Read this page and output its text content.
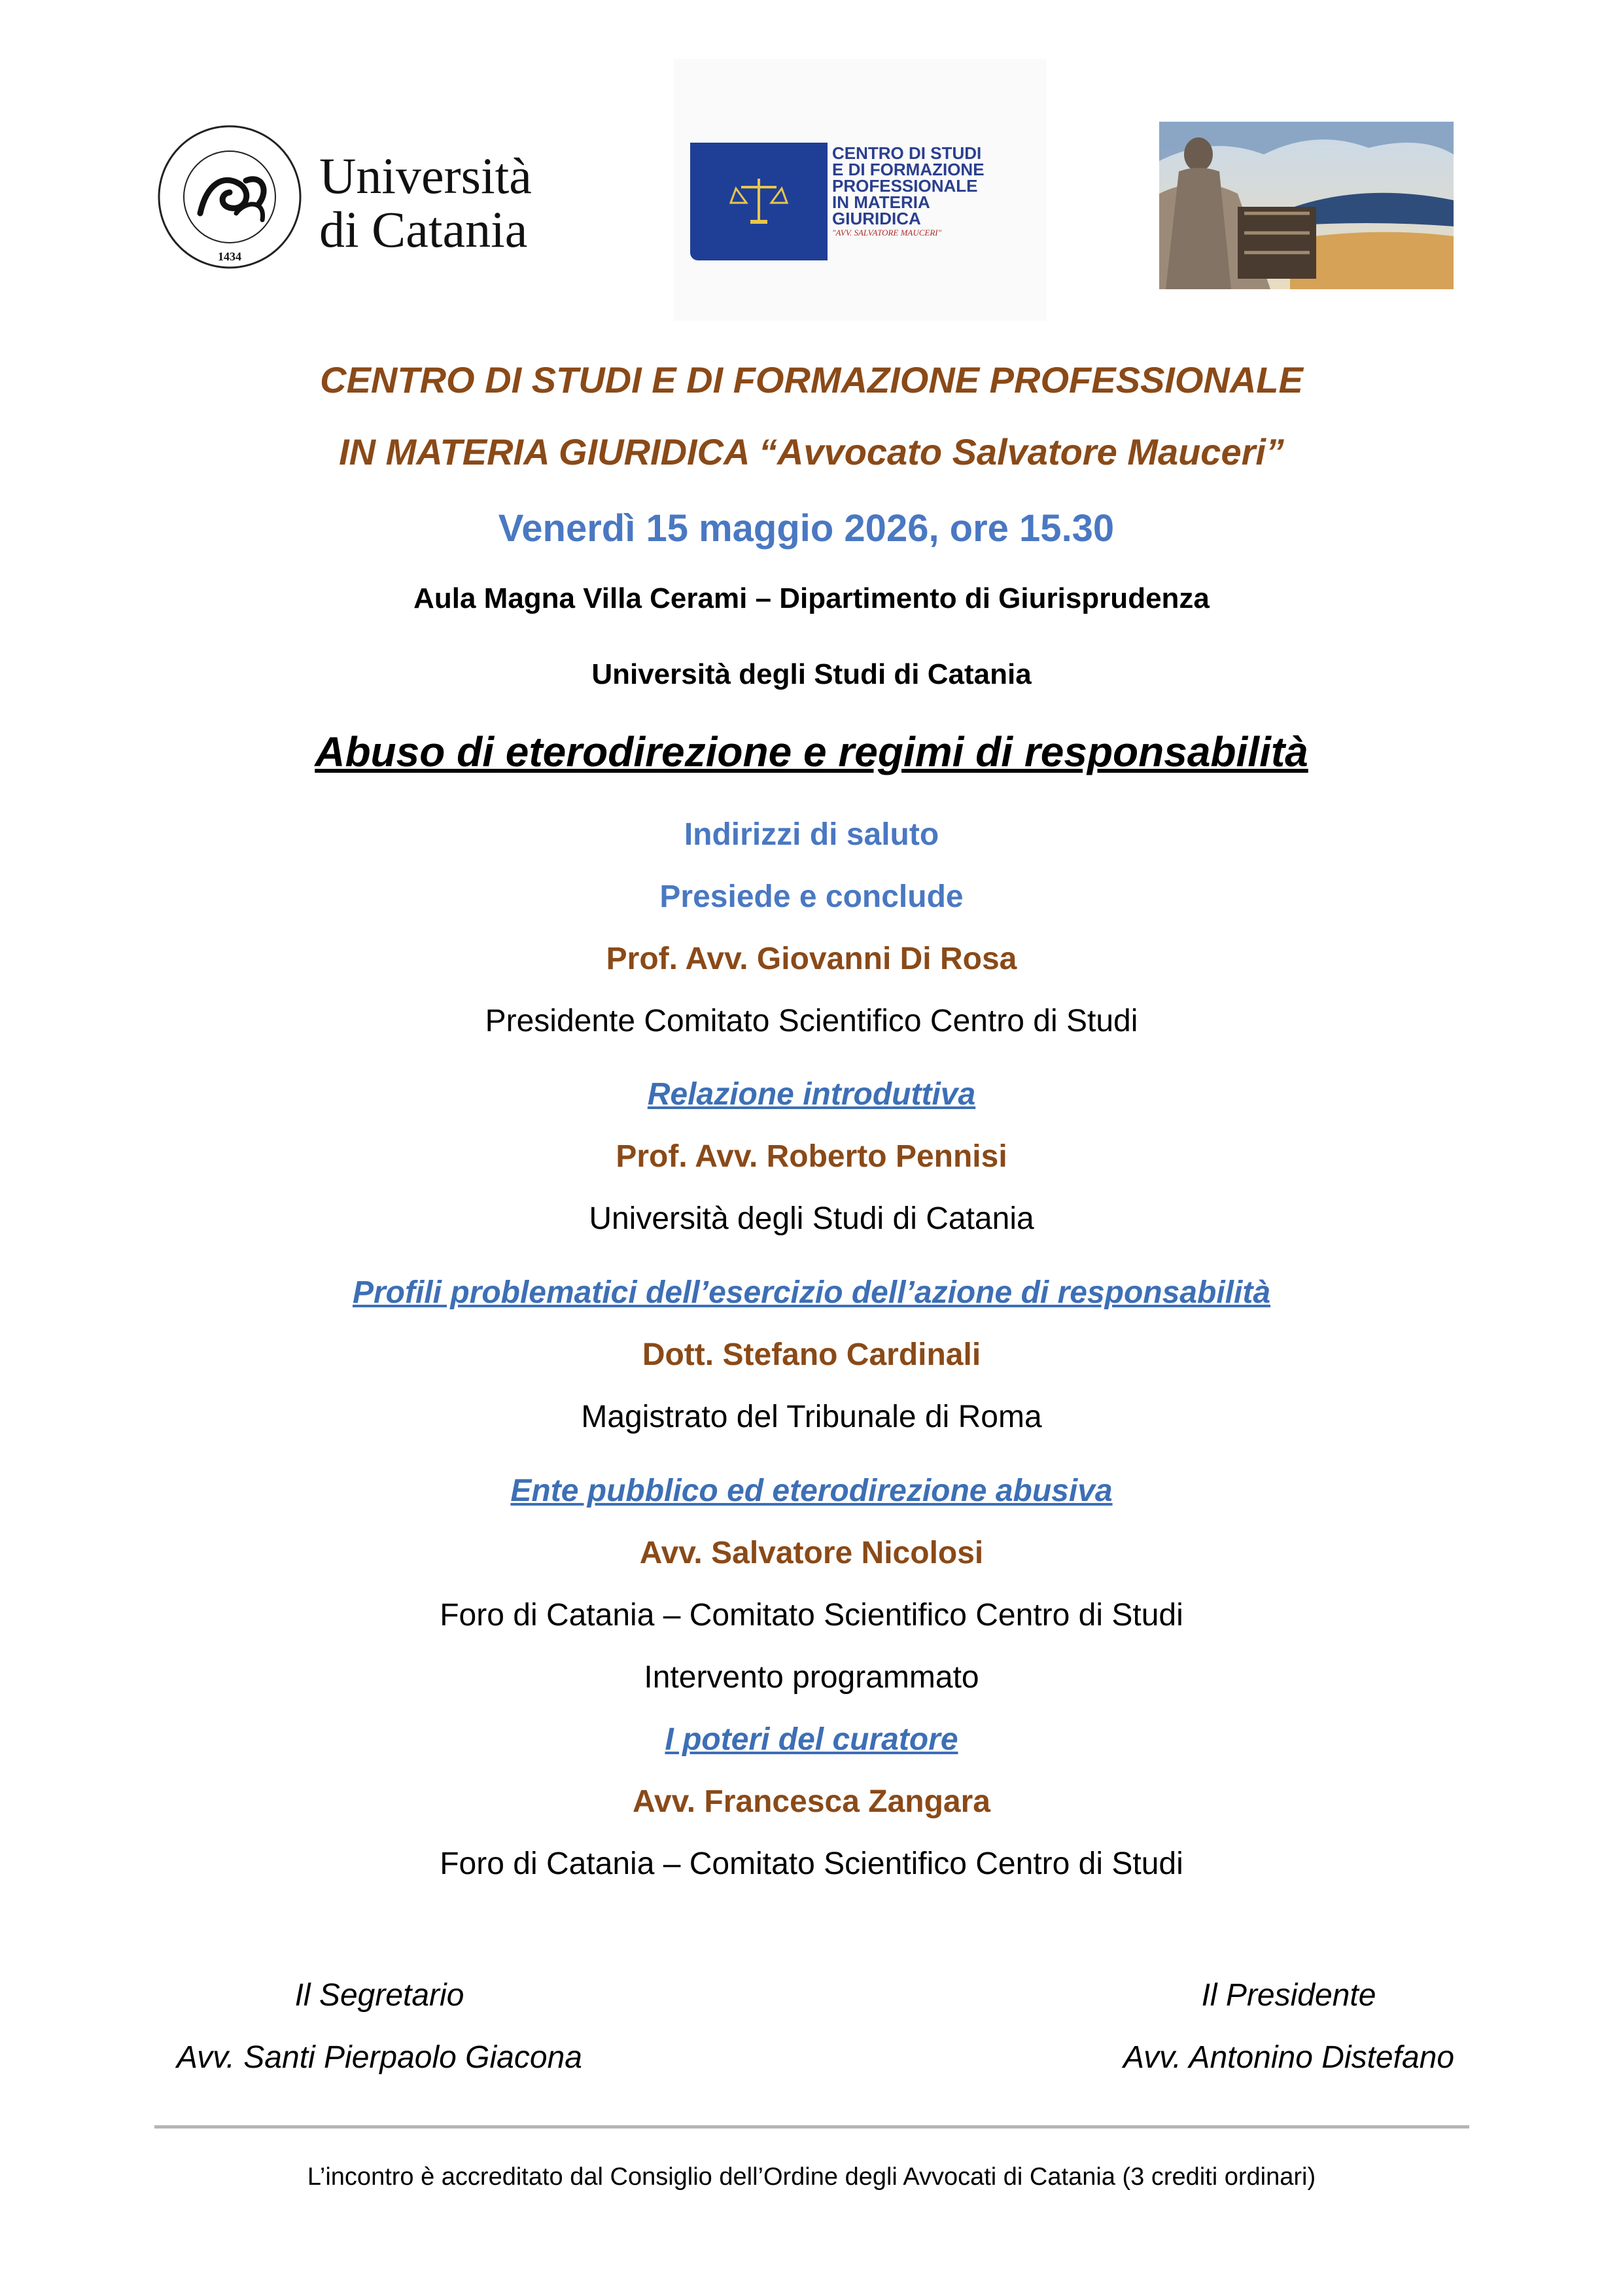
1434
Università
di Catania
CENTRO DI STUDI
E DI FORMAZIONE
PROFESSIONALE
IN MATERIA
GIURIDICA
"AVV. SALVATORE MAUCERI"
CENTRO DI STUDI E DI FORMAZIONE PROFESSIONALE
IN MATERIA GIURIDICA “Avvocato Salvatore Mauceri”
Venerdì 15 maggio 2026, ore 15.30
Aula Magna Villa Cerami – Dipartimento di Giurisprudenza
Università degli Studi di Catania
Abuso di eterodirezione e regimi di responsabilità
Indirizzi di saluto
Presiede e conclude
Prof. Avv. Giovanni Di Rosa
Presidente Comitato Scientifico Centro di Studi
Relazione introduttiva
Prof. Avv. Roberto Pennisi
Università degli Studi di Catania
Profili problematici dell’esercizio dell’azione di responsabilità
Dott. Stefano Cardinali
Magistrato del Tribunale di Roma
Ente pubblico ed eterodirezione abusiva
Avv. Salvatore Nicolosi
Foro di Catania – Comitato Scientifico Centro di Studi
Intervento programmato
I poteri del curatore
Avv. Francesca Zangara
Foro di Catania – Comitato Scientifico Centro di Studi
Il Segretario
Avv. Santi Pierpaolo Giacona
Il Presidente
Avv. Antonino Distefano
L’incontro è accreditato dal Consiglio dell’Ordine degli Avvocati di Catania (3 crediti ordinari)
